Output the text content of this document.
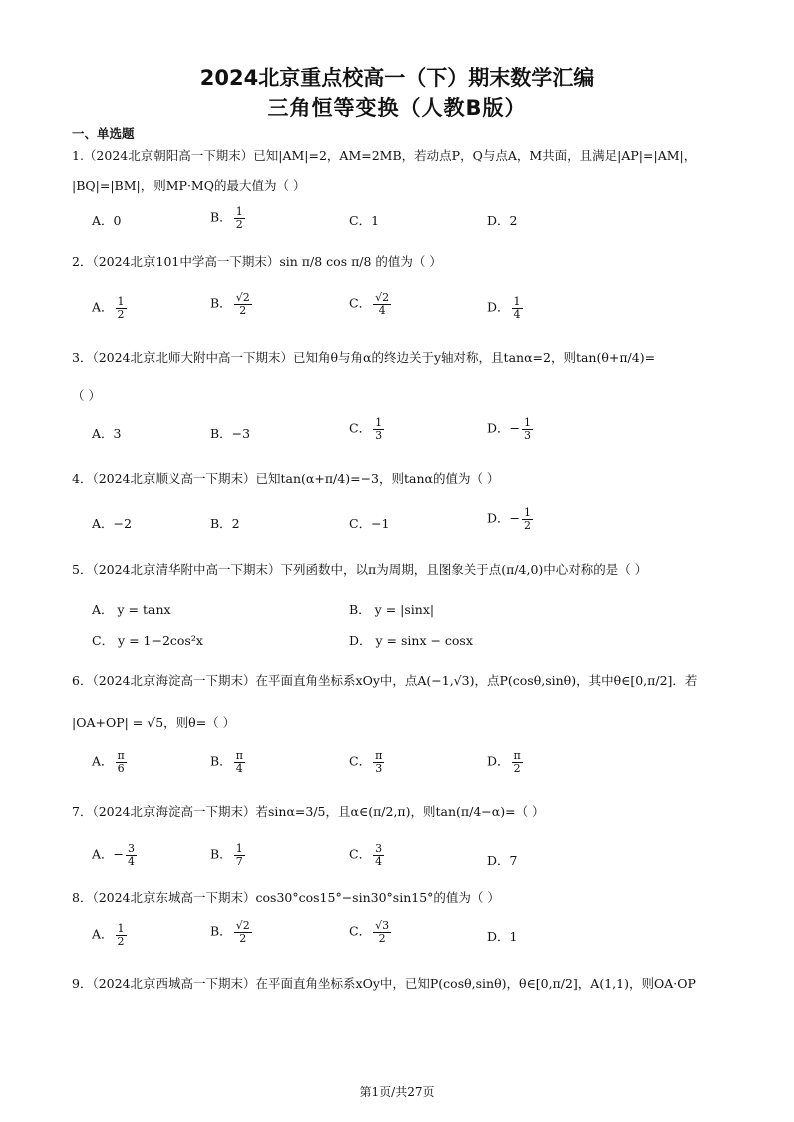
2024北京重点校高一（下）期末数学汇编
三角恒等变换（人教B版）
一、单选题
1.（2024北京朝阳高一下期末）已知|AM|=2，AM=2MB，若动点P，Q与点A，M共面，且满足|AP|=|AM|，
|BQ|=|BM|，则MP·MQ的最大值为（ ）
A．0	B． $\frac{1}{2}$	C．1	D．2
2．（2024北京101中学高一下期末）sin π/8 cos π/8 的值为（ ）
A． $\frac{1}{2}$	B． $\frac{√2}{2}$	C． $\frac{√2}{4}$	D． $\frac{1}{4}$
3．（2024北京北师大附中高一下期末）已知角θ与角α的终边关于y轴对称，且tanα=2，则tan(θ+π/4)=
（ ）
A．3	B．−3	C． $\frac{1}{3}$	D．− $\frac{1}{3}$
4．（2024北京顺义高一下期末）已知tan(α+π/4)=−3，则tanα的值为（ ）
A．−2	B．2	C．−1	D．− $\frac{1}{2}$
5．（2024北京清华附中高一下期末）下列函数中，以π为周期，且图象关于点(π/4,0)中心对称的是（ ）
A． y = tanx	B． y = |sinx|
C． y = 1−2cos²x	D． y = sinx − cosx
6．（2024北京海淀高一下期末）在平面直角坐标系xOy中，点A(−1,√3)，点P(cosθ,sinθ)，其中θ∈[0,π/2]．若
|OA+OP| = √5，则θ=（ ）
A． $\frac{\pi}{6}$	B． $\frac{\pi}{4}$	C． $\frac{\pi}{3}$	D． $\frac{\pi}{2}$
7．（2024北京海淀高一下期末）若sinα=3/5，且α∈(π/2,π)，则tan(π/4−α)=（ ）
A．− $\frac{3}{4}$	B． $\frac{1}{7}$	C． $\frac{3}{4}$	D．7
8．（2024北京东城高一下期末）cos30°cos15°−sin30°sin15°的值为（ ）
A． $\frac{1}{2}$	B． $\frac{√2}{2}$	C． $\frac{√3}{2}$	D．1
9．（2024北京西城高一下期末）在平面直角坐标系xOy中，已知P(cosθ,sinθ)，θ∈[0,π/2]，A(1,1)，则OA·OP
第1页/共27页
